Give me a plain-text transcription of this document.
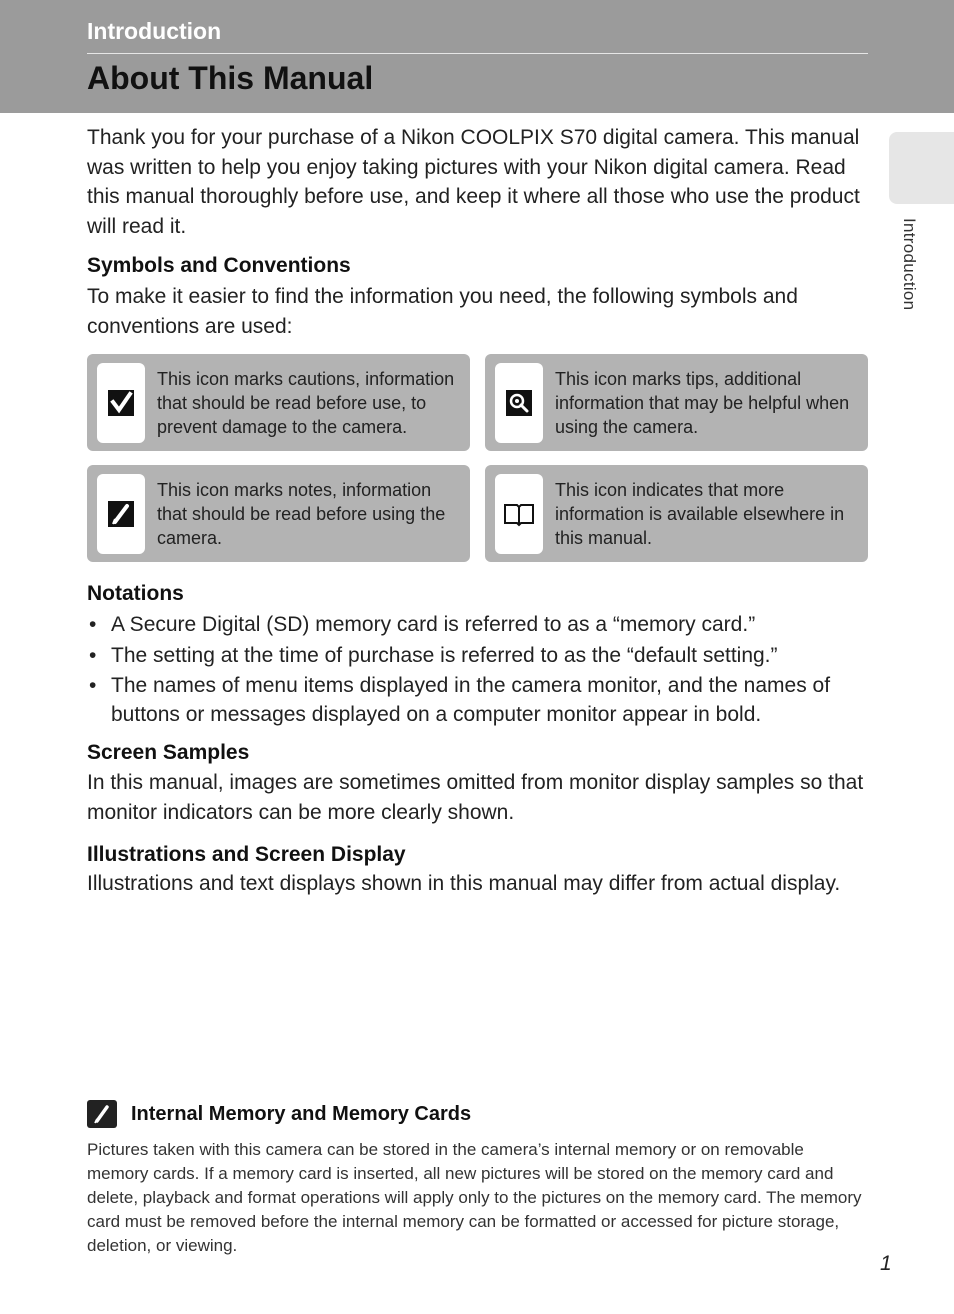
Introduction
About This Manual
Introduction

Thank you for your purchase of a Nikon COOLPIX S70 digital camera. This manual was written to help you enjoy taking pictures with your Nikon digital camera. Read this manual thoroughly before use, and keep it where all those who use the product will read it.

Symbols and Conventions

To make it easier to find the information you need, the following symbols and conventions are used:

This icon marks cautions, information that should be read before use, to prevent damage to the camera.
This icon marks tips, additional information that may be helpful when using the camera.
This icon marks notes, information that should be read before using the camera.
This icon indicates that more information is available elsewhere in this manual.
Notations
• A Secure Digital (SD) memory card is referred to as a “memory card.”
• The setting at the time of purchase is referred to as the “default setting.”
• The names of menu items displayed in the camera monitor, and the names of buttons or messages displayed on a computer monitor appear in bold.
Screen Samples

In this manual, images are sometimes omitted from monitor display samples so that monitor indicators can be more clearly shown.

Illustrations and Screen Display

Illustrations and text displays shown in this manual may differ from actual display.

Internal Memory and Memory Cards

Pictures taken with this camera can be stored in the camera’s internal memory or on removable memory cards. If a memory card is inserted, all new pictures will be stored on the memory card and delete, playback and format operations will apply only to the pictures on the memory card. The memory card must be removed before the internal memory can be formatted or accessed for picture storage, deletion, or viewing.

1
